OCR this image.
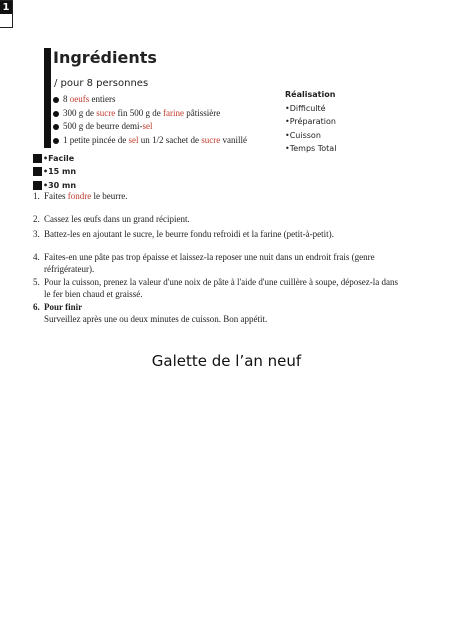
1
Ingrédients
/ pour 8 personnes
8 oeufs entiers
300 g de sucre fin 500 g de farine pâtissière
500 g de beurre demi-sel
1 petite pincée de sel un 1/2 sachet de sucre vanillé
Réalisation
•Difficulté
•Préparation
•Cuisson
•Temps Total
•Facile
•15 mn
•30 mn
1. Faites fondre le beurre.
2. Cassez les œufs dans un grand récipient.
3. Battez-les en ajoutant le sucre, le beurre fondu refroidi et la farine (petit-à-petit).
4. Faites-en une pâte pas trop épaisse et laissez-la reposer une nuit dans un endroit frais (genre réfrigérateur).
5. Pour la cuisson, prenez la valeur d'une noix de pâte à l'aide d'une cuillère à soupe, déposez-la dans le fer bien chaud et graissé.
6. Pour finir
Surveillez après une ou deux minutes de cuisson. Bon appétit.
Galette de l’an neuf
